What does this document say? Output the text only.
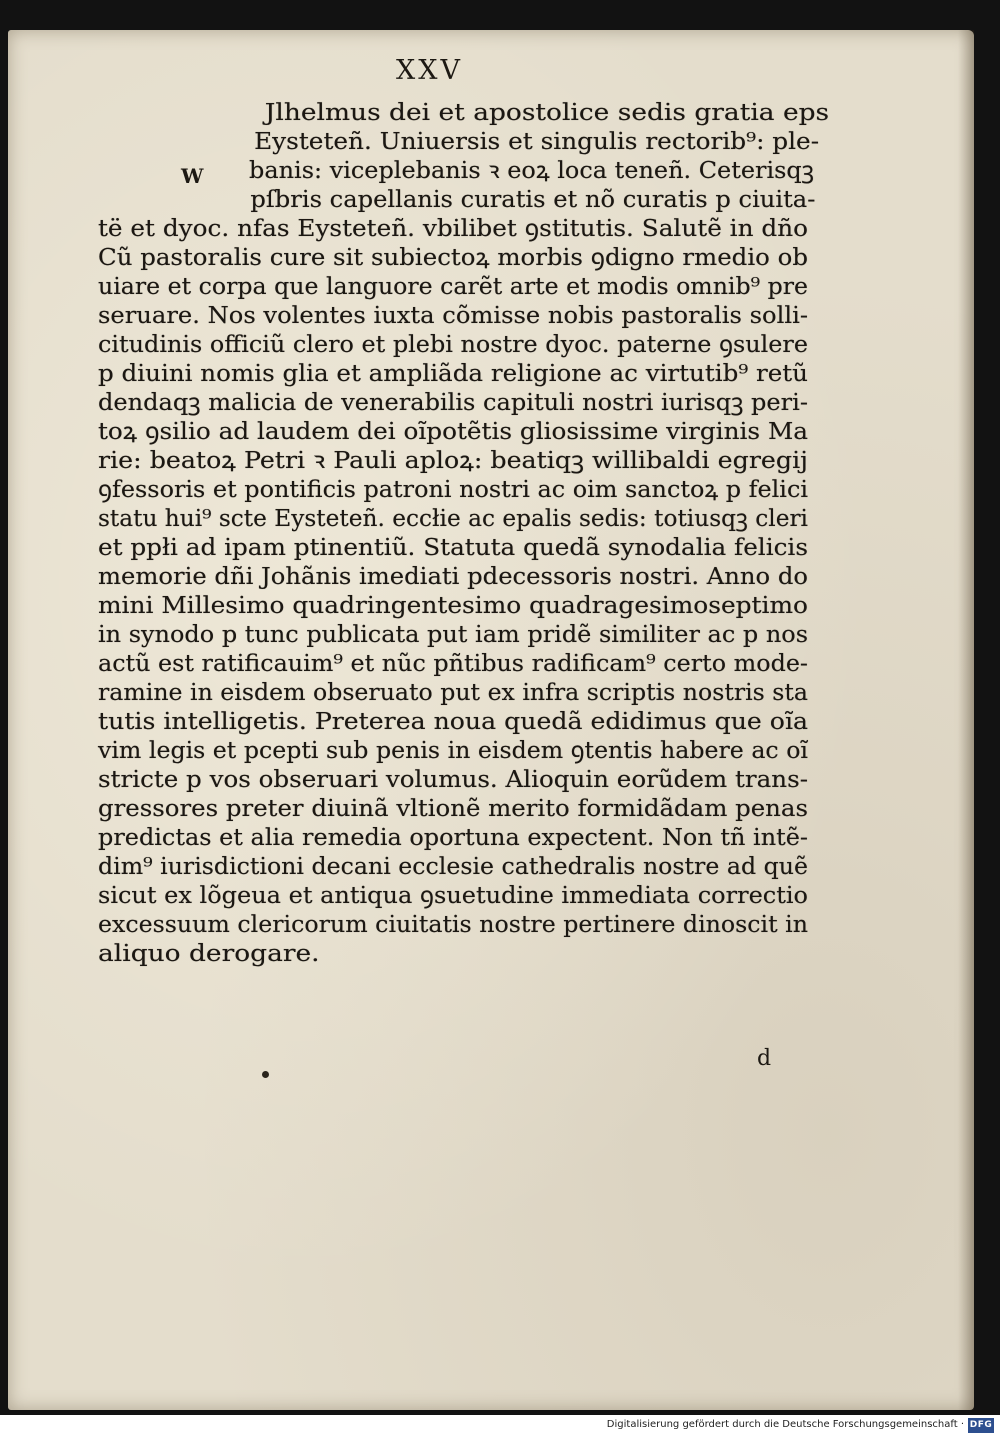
XXV
W
Jlhelmus dei et apostolice sedis gratia eps
Eysteteñ. Uniuersis et singulis rectorib⁹: ple‑
banis: viceplebanis ꝛ eoꝝ loca teneñ. Ceterisqꝫ
pſbris capellanis curatis et nõ curatis p ciuita‑
të et dyoc. nfas Eysteteñ. vbilibet ꝯstitutis. Salutẽ in dño
Cũ pastoralis cure sit subiectoꝝ morbis ꝯdigno rmedio ob
uiare et corpa que languore carẽt arte et modis omnib⁹ pre
seruare. Nos volentes iuxta cõmisse nobis pastoralis solli‑
citudinis officiũ clero et plebi nostre dyoc. paterne ꝯsulere
p diuini nomis glia et ampliãda religione ac virtutib⁹ retũ
dendaqꝫ malicia de venerabilis capituli nostri iurisqꝫ peri‑
toꝝ ꝯsilio ad laudem dei oĩpotẽtis gliosissime virginis Ma
rie: beatoꝝ Petri ꝛ Pauli aploꝝ: beatiqꝫ willibaldi egregij
ꝯfessoris et pontificis patroni nostri ac oim sanctoꝝ p felici
statu hui⁹ scte Eysteteñ. eccłie ac epalis sedis: totiusqꝫ cleri
et ppłi ad ipam ptinentiũ. Statuta quedã synodalia felicis
memorie dñi Johãnis imediati pdecessoris nostri. Anno do
mini Millesimo quadringentesimo quadragesimoseptimo
in synodo p tunc publicata put iam pridẽ similiter ac p nos
actũ est ratificauim⁹ et nũc pñtibus radificam⁹ certo mode‑
ramine in eisdem obseruato put ex infra scriptis nostris sta
tutis intelligetis. Preterea noua quedã edidimus que oĩa
vim legis et pcepti sub penis in eisdem ꝯtentis habere ac oĩ
stricte p vos obseruari volumus. Alioquin eorũdem trans‑
gressores preter diuinã vltionẽ merito formidãdam penas
predictas et alia remedia oportuna expectent. Non tñ intẽ‑
dim⁹ iurisdictioni decani ecclesie cathedralis nostre ad quẽ
sicut ex lõgeua et antiqua ꝯsuetudine immediata correctio
excessuum clericorum ciuitatis nostre pertinere dinoscit in
aliquo derogare.
d
Digitalisierung gefördert durch die Deutsche Forschungsgemeinschaft · DFG
